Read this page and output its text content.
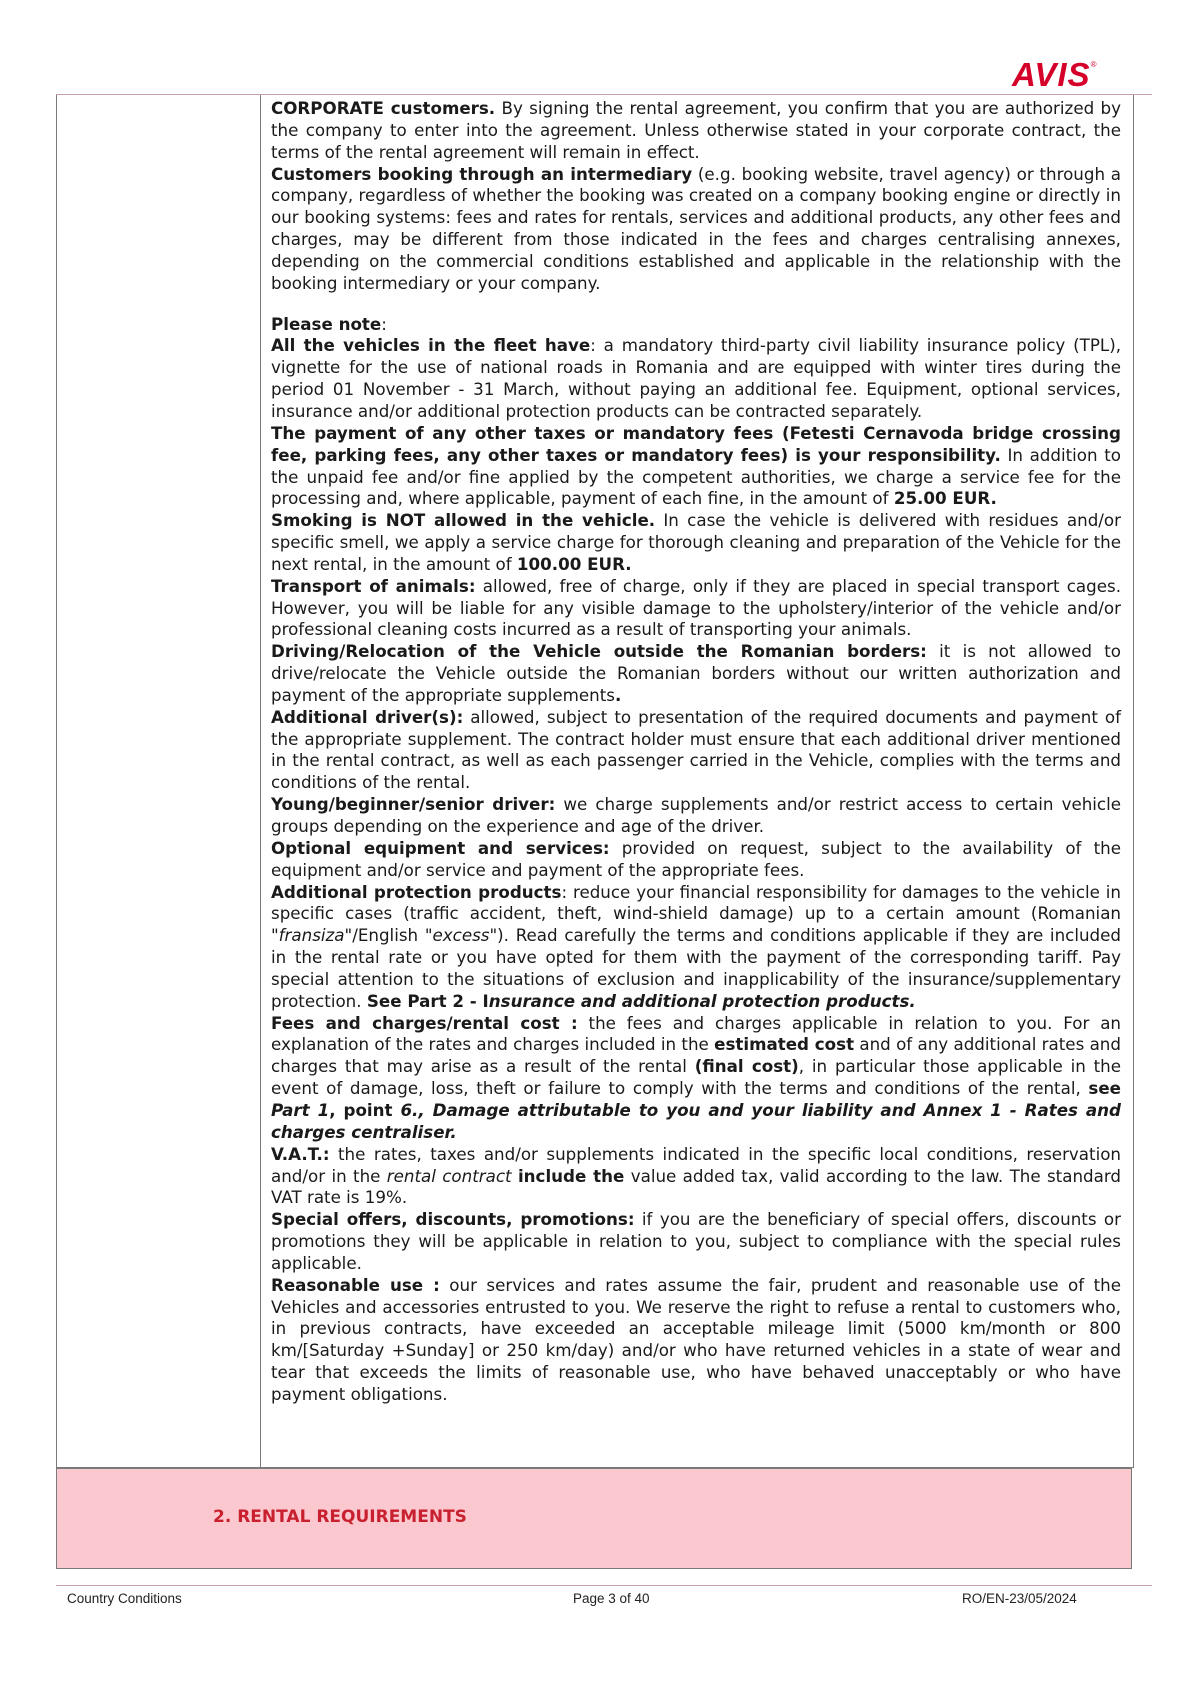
AVIS®

CORPORATE customers. By signing the rental agreement, you confirm that you are authorized by the company to enter into the agreement. Unless otherwise stated in your corporate contract, the terms of the rental agreement will remain in effect.

Customers booking through an intermediary (e.g. booking website, travel agency) or through a company, regardless of whether the booking was created on a company booking engine or directly in our booking systems: fees and rates for rentals, services and additional products, any other fees and charges, may be different from those indicated in the fees and charges centralising annexes, depending on the commercial conditions established and applicable in the relationship with the booking intermediary or your company.

Please note:

All the vehicles in the fleet have: a mandatory third-party civil liability insurance policy (TPL), vignette for the use of national roads in Romania and are equipped with winter tires during the period 01 November - 31 March, without paying an additional fee. Equipment, optional services, insurance and/or additional protection products can be contracted separately.

The payment of any other taxes or mandatory fees (Fetesti Cernavoda bridge crossing fee, parking fees, any other taxes or mandatory fees) is your responsibility. In addition to the unpaid fee and/or fine applied by the competent authorities, we charge a service fee for the processing and, where applicable, payment of each fine, in the amount of 25.00 EUR.

Smoking is NOT allowed in the vehicle. In case the vehicle is delivered with residues and/or specific smell, we apply a service charge for thorough cleaning and preparation of the Vehicle for the next rental, in the amount of 100.00 EUR.

Transport of animals: allowed, free of charge, only if they are placed in special transport cages. However, you will be liable for any visible damage to the upholstery/interior of the vehicle and/or professional cleaning costs incurred as a result of transporting your animals.

Driving/Relocation of the Vehicle outside the Romanian borders: it is not allowed to drive/relocate the Vehicle outside the Romanian borders without our written authorization and payment of the appropriate supplements.

Additional driver(s): allowed, subject to presentation of the required documents and payment of the appropriate supplement. The contract holder must ensure that each additional driver mentioned in the rental contract, as well as each passenger carried in the Vehicle, complies with the terms and conditions of the rental.

Young/beginner/senior driver: we charge supplements and/or restrict access to certain vehicle groups depending on the experience and age of the driver.

Optional equipment and services: provided on request, subject to the availability of the equipment and/or service and payment of the appropriate fees.

Additional protection products: reduce your financial responsibility for damages to the vehicle in specific cases (traffic accident, theft, wind-shield damage) up to a certain amount (Romanian "fransiza"/English "excess"). Read carefully the terms and conditions applicable if they are included in the rental rate or you have opted for them with the payment of the corresponding tariff. Pay special attention to the situations of exclusion and inapplicability of the insurance/supplementary protection. See Part 2 - Insurance and additional protection products.

Fees and charges/rental cost : the fees and charges applicable in relation to you. For an explanation of the rates and charges included in the estimated cost and of any additional rates and charges that may arise as a result of the rental (final cost), in particular those applicable in the event of damage, loss, theft or failure to comply with the terms and conditions of the rental, see Part 1, point 6., Damage attributable to you and your liability and Annex 1 - Rates and charges centraliser.

V.A.T.: the rates, taxes and/or supplements indicated in the specific local conditions, reservation and/or in the rental contract include the value added tax, valid according to the law. The standard VAT rate is 19%.

Special offers, discounts, promotions: if you are the beneficiary of special offers, discounts or promotions they will be applicable in relation to you, subject to compliance with the special rules applicable.

Reasonable use : our services and rates assume the fair, prudent and reasonable use of the Vehicles and accessories entrusted to you. We reserve the right to refuse a rental to customers who, in previous contracts, have exceeded an acceptable mileage limit (5000 km/month or 800 km/[Saturday +Sunday] or 250 km/day) and/or who have returned vehicles in a state of wear and tear that exceeds the limits of reasonable use, who have behaved unacceptably or who have payment obligations.

2. RENTAL REQUIREMENTS
Country Conditions	Page 3 of 40	RO/EN-23/05/2024
